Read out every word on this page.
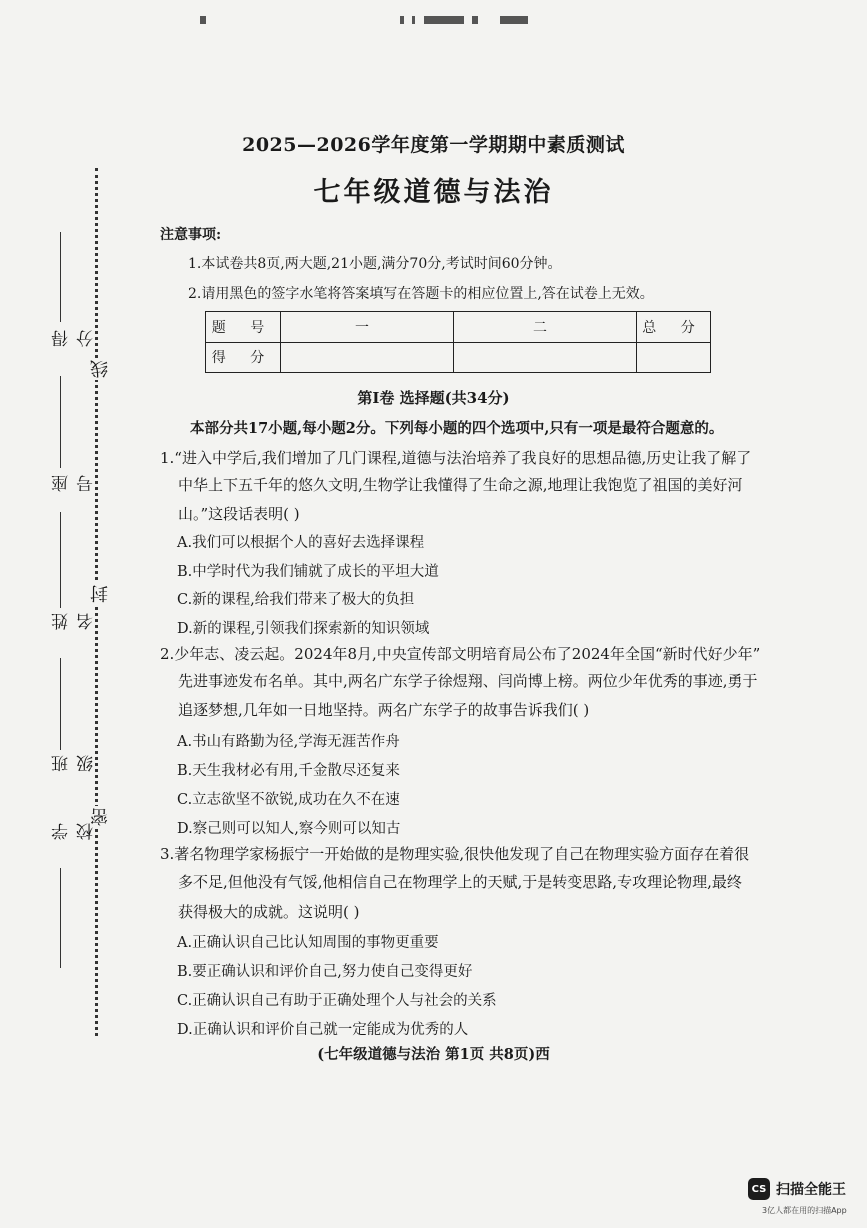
线
封
密
得分
座号
姓名
班级
学校
2025—2026学年度第一学期期中素质测试
七年级道德与法治
注意事项:
1.本试卷共8页,两大题,21小题,满分70分,考试时间60分钟。
2.请用黑色的签字水笔将答案填写在答题卡的相应位置上,答在试卷上无效。
题 号	一	二	总 分
得 分			
第Ⅰ卷 选择题(共34分)
本部分共17小题,每小题2分。下列每小题的四个选项中,只有一项是最符合题意的。
1.“进入中学后,我们增加了几门课程,道德与法治培养了我良好的思想品德,历史让我了解了
中华上下五千年的悠久文明,生物学让我懂得了生命之源,地理让我饱览了祖国的美好河
山。”这段话表明( )
A.我们可以根据个人的喜好去选择课程
B.中学时代为我们铺就了成长的平坦大道
C.新的课程,给我们带来了极大的负担
D.新的课程,引领我们探索新的知识领域
2.少年志、凌云起。2024年8月,中央宣传部文明培育局公布了2024年全国“新时代好少年”
先进事迹发布名单。其中,两名广东学子徐煜翔、闫尚博上榜。两位少年优秀的事迹,勇于
追逐梦想,几年如一日地坚持。两名广东学子的故事告诉我们( )
A.书山有路勤为径,学海无涯苦作舟
B.天生我材必有用,千金散尽还复来
C.立志欲坚不欲锐,成功在久不在速
D.察己则可以知人,察今则可以知古
3.著名物理学家杨振宁一开始做的是物理实验,很快他发现了自己在物理实验方面存在着很
多不足,但他没有气馁,他相信自己在物理学上的天赋,于是转变思路,专攻理论物理,最终
获得极大的成就。这说明( )
A.正确认识自己比认知周围的事物更重要
B.要正确认识和评价自己,努力使自己变得更好
C.正确认识自己有助于正确处理个人与社会的关系
D.正确认识和评价自己就一定能成为优秀的人
(七年级道德与法治 第1页 共8页)西
CS 扫描全能王
3亿人都在用的扫描App
